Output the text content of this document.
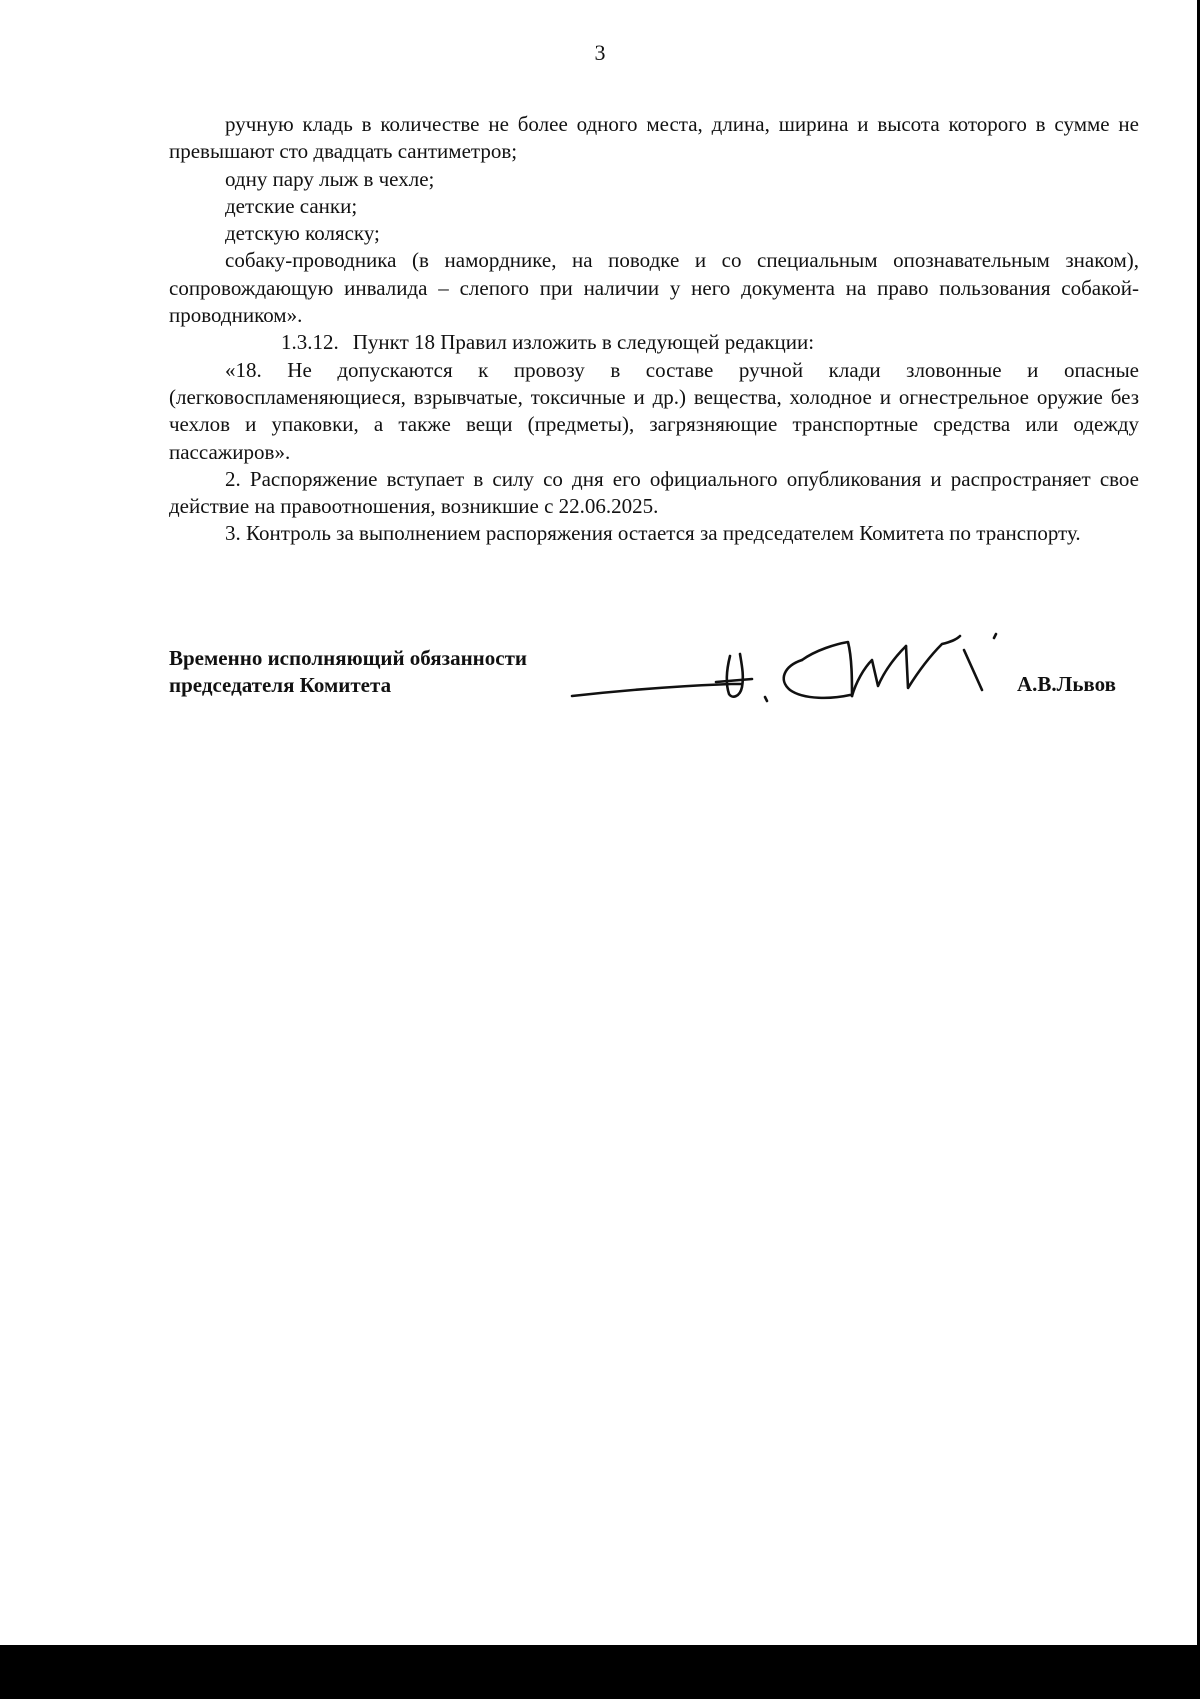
3

ручную кладь в количестве не более одного места, длина, ширина и высота которого в сумме не превышают сто двадцать сантиметров;

одну пару лыж в чехле;

детские санки;

детскую коляску;

собаку-проводника (в наморднике, на поводке и со специальным опознавательным знаком), сопровождающую инвалида – слепого при наличии у него документа на право пользования собакой-проводником».

1.3.12. Пункт 18 Правил изложить в следующей редакции:

«18. Не допускаются к провозу в составе ручной клади зловонные и опасные (легковоспламеняющиеся, взрывчатые, токсичные и др.) вещества, холодное и огнестрельное оружие без чехлов и упаковки, а также вещи (предметы), загрязняющие транспортные средства или одежду пассажиров».

2. Распоряжение вступает в силу со дня его официального опубликования и распространяет свое действие на правоотношения, возникшие с 22.06.2025.

3. Контроль за выполнением распоряжения остается за председателем Комитета по транспорту.

Временно исполняющий обязанности
председателя Комитета	А.В.Львов
